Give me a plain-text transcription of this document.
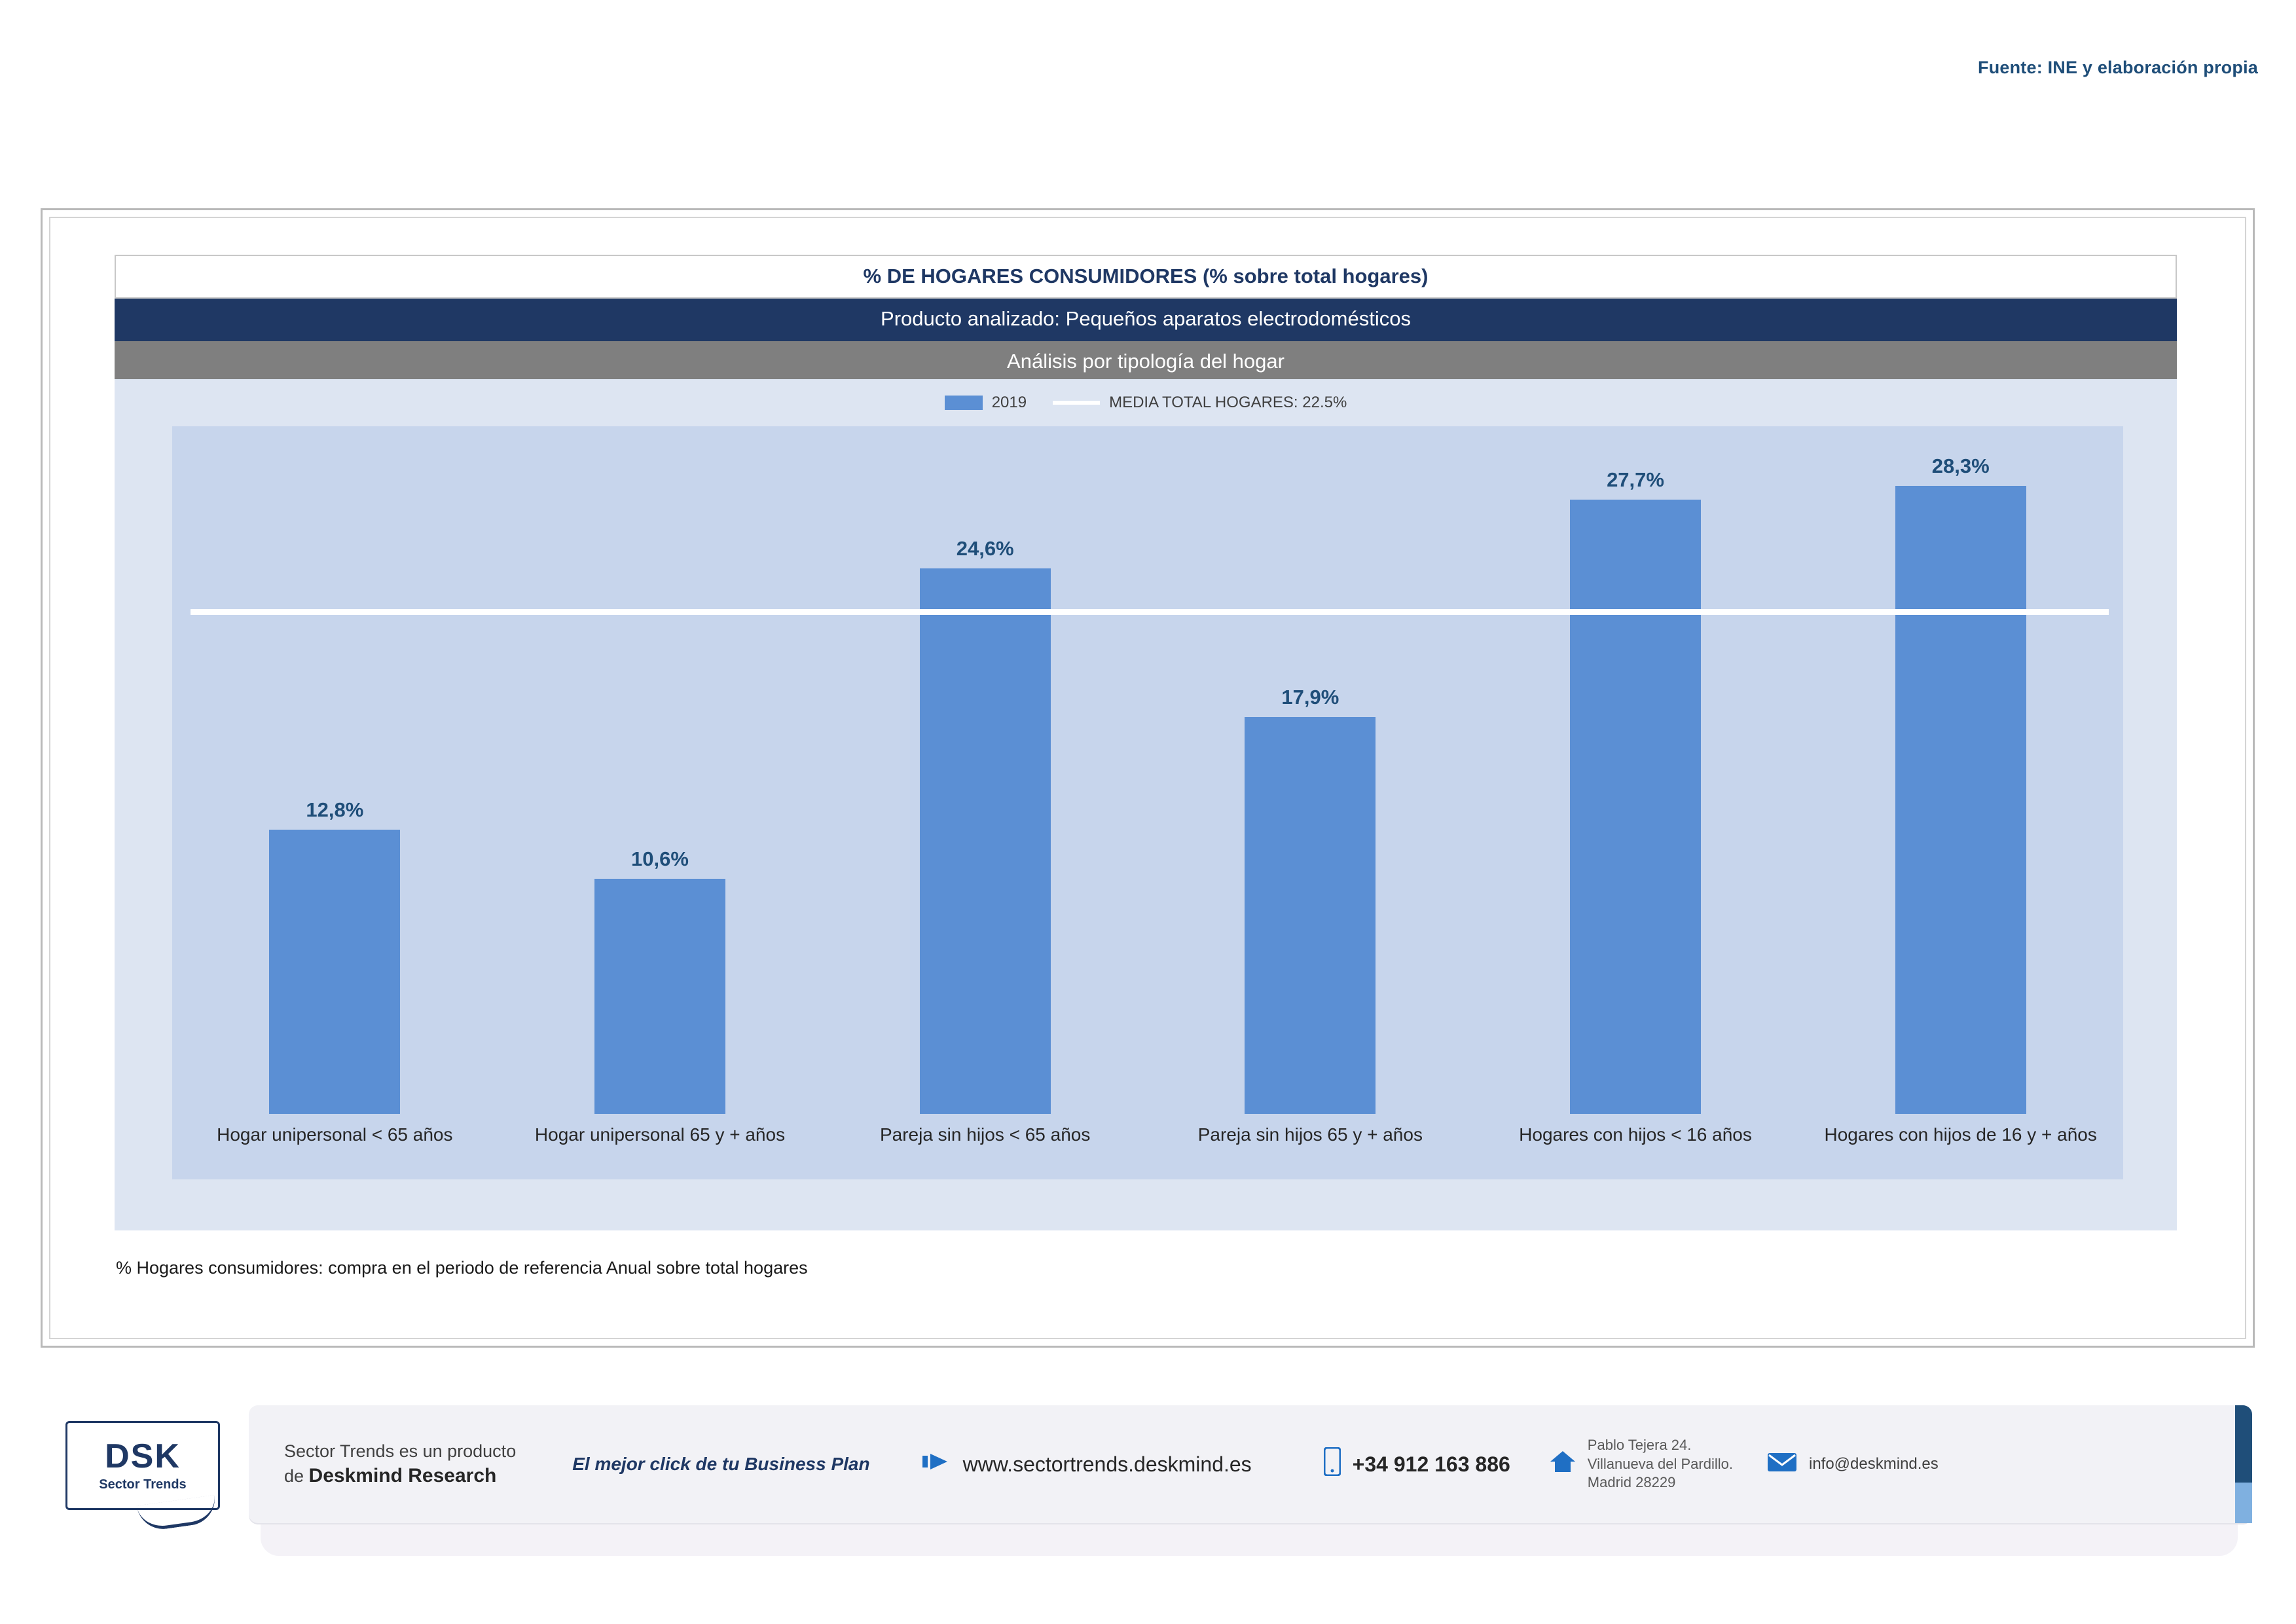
Fuente: INE y elaboración propia
% DE HOGARES CONSUMIDORES (% sobre total hogares)
Producto analizado: Pequeños aparatos electrodomésticos
Análisis por tipología del hogar
2019	MEDIA TOTAL HOGARES: 22.5%
12,8%
10,6%
24,6%
17,9%
27,7%
28,3%
Hogar unipersonal < 65 años	Hogar unipersonal 65 y + años	Pareja sin hijos < 65 años	Pareja sin hijos 65 y + años	Hogares con hijos < 16 años	Hogares con hijos de 16 y + años
% Hogares consumidores: compra en el periodo de referencia Anual sobre total hogares
DSK
Sector Trends
Sector Trends es un producto
de Deskmind Research
El mejor click de tu Business Plan	www.sectortrends.deskmind.es	+34 912 163 886
Pablo Tejera 24.
Villanueva del Pardillo.
Madrid 28229
info@deskmind.es
